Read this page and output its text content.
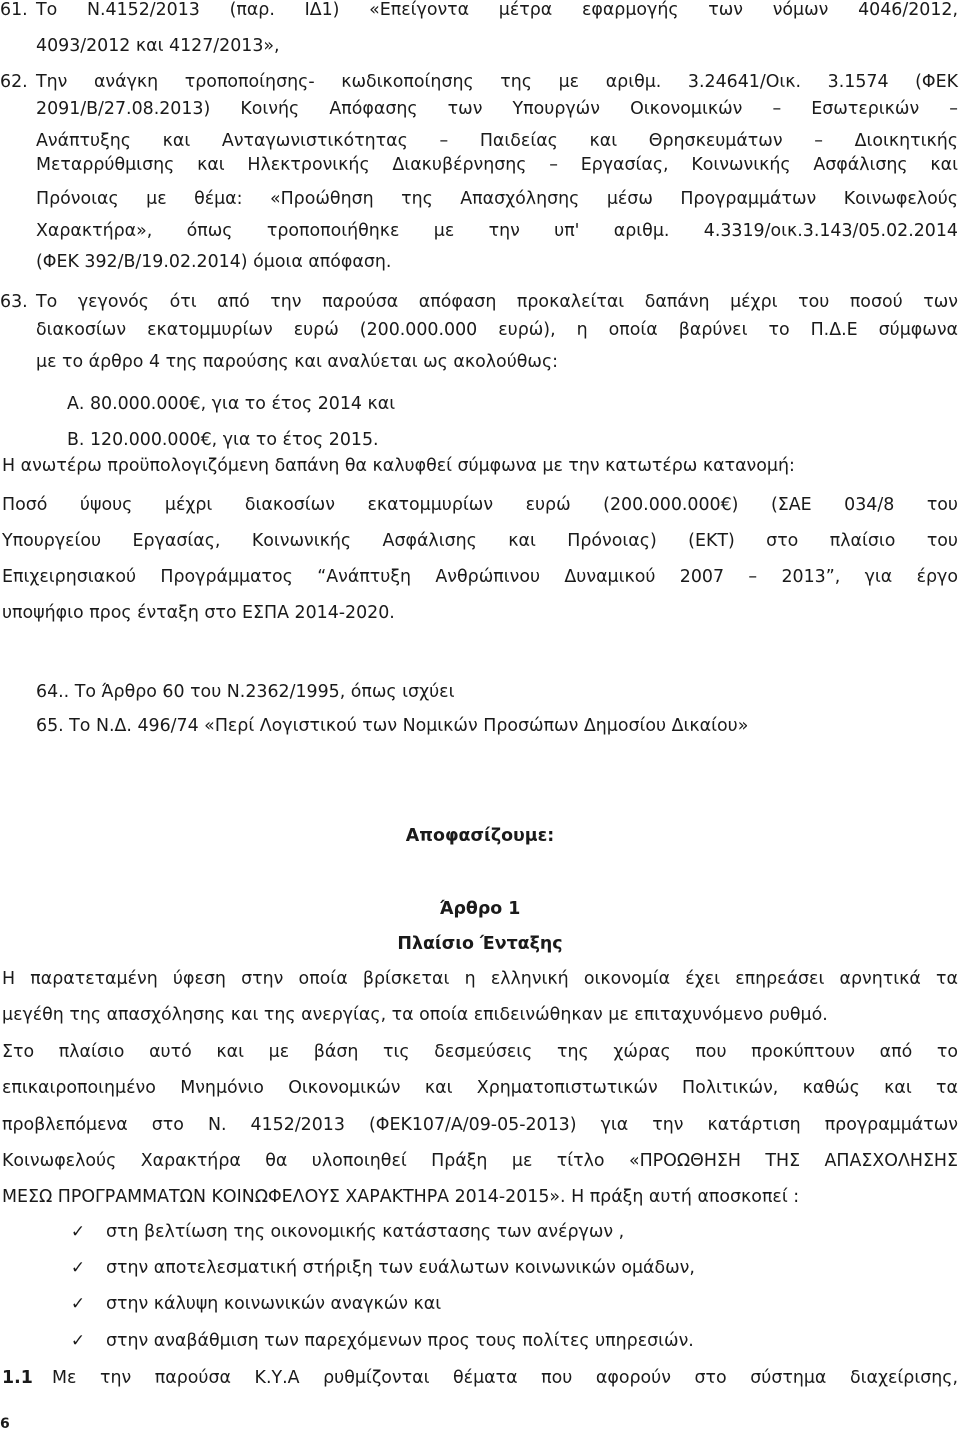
61. Το Ν.4152/2013 (παρ. ΙΔ1) «Επείγοντα μέτρα εφαρμογής των νόμων 4046/2012,
4093/2012 και 4127/2013»,
62. Την ανάγκη τροποποίησης- κωδικοποίησης της με αριθμ. 3.24641/Οικ. 3.1574 (ΦΕΚ
2091/Β/27.08.2013) Κοινής Απόφασης των Υπουργών Οικονομικών – Εσωτερικών –
Ανάπτυξης και Ανταγωνιστικότητας – Παιδείας και Θρησκευμάτων – Διοικητικής
Μεταρρύθμισης και Ηλεκτρονικής Διακυβέρνησης – Εργασίας, Κοινωνικής Ασφάλισης και
Πρόνοιας με θέμα: «Προώθηση της Απασχόλησης μέσω Προγραμμάτων Κοινωφελούς
Χαρακτήρα», όπως τροποποιήθηκε με την υπ' αριθμ. 4.3319/οικ.3.143/05.02.2014
(ΦΕΚ 392/Β/19.02.2014) όμοια απόφαση.
63. Το γεγονός ότι από την παρούσα απόφαση προκαλείται δαπάνη μέχρι του ποσού των
διακοσίων εκατομμυρίων ευρώ (200.000.000 ευρώ), η οποία βαρύνει το Π.Δ.Ε σύμφωνα
με το άρθρο 4 της παρούσης και αναλύεται ως ακολούθως:
Α. 80.000.000€, για το έτος 2014 και
Β. 120.000.000€, για το έτος 2015.
Η ανωτέρω προϋπολογιζόμενη δαπάνη θα καλυφθεί σύμφωνα με την κατωτέρω κατανομή:
Ποσό ύψους μέχρι διακοσίων εκατομμυρίων ευρώ (200.000.000€) (ΣΑΕ 034/8 του
Υπουργείου Εργασίας, Κοινωνικής Ασφάλισης και Πρόνοιας) (ΕΚΤ) στο πλαίσιο του
Επιχειρησιακού Προγράμματος “Ανάπτυξη Ανθρώπινου Δυναμικού 2007 – 2013”, για έργο
υποψήφιο προς ένταξη στο ΕΣΠΑ 2014-2020.
64.. Το Άρθρο 60 του Ν.2362/1995, όπως ισχύει
65. Το Ν.Δ. 496/74 «Περί Λογιστικού των Νομικών Προσώπων Δημοσίου Δικαίου»
Αποφασίζουμε:
Άρθρο 1
Πλαίσιο Ένταξης
Η παρατεταμένη ύφεση στην οποία βρίσκεται η ελληνική οικονομία έχει επηρεάσει αρνητικά τα
μεγέθη της απασχόλησης και της ανεργίας, τα οποία επιδεινώθηκαν με επιταχυνόμενο ρυθμό.
Στο πλαίσιο αυτό και με βάση τις δεσμεύσεις της χώρας που προκύπτουν από το
επικαιροποιημένο Μνημόνιο Οικονομικών και Χρηματοπιστωτικών Πολιτικών, καθώς και τα
προβλεπόμενα στο Ν. 4152/2013 (ΦΕΚ107/Α/09-05-2013) για την κατάρτιση προγραμμάτων
Κοινωφελούς Χαρακτήρα θα υλοποιηθεί Πράξη με τίτλο «ΠΡΟΩΘΗΣΗ ΤΗΣ ΑΠΑΣΧΟΛΗΣΗΣ
ΜΕΣΩ ΠΡΟΓΡΑΜΜΑΤΩΝ ΚΟΙΝΩΦΕΛΟΥΣ ΧΑΡΑΚΤΗΡΑ 2014-2015». Η πράξη αυτή αποσκοπεί :
✓ στη βελτίωση της οικονομικής κατάστασης των ανέργων ,
✓ στην αποτελεσματική στήριξη των ευάλωτων κοινωνικών ομάδων,
✓ στην κάλυψη κοινωνικών αναγκών και
✓ στην αναβάθμιση των παρεχόμενων προς τους πολίτες υπηρεσιών.
1.1 Με την παρούσα Κ.Υ.Α ρυθμίζονται θέματα που αφορούν στο σύστημα διαχείρισης,
6
